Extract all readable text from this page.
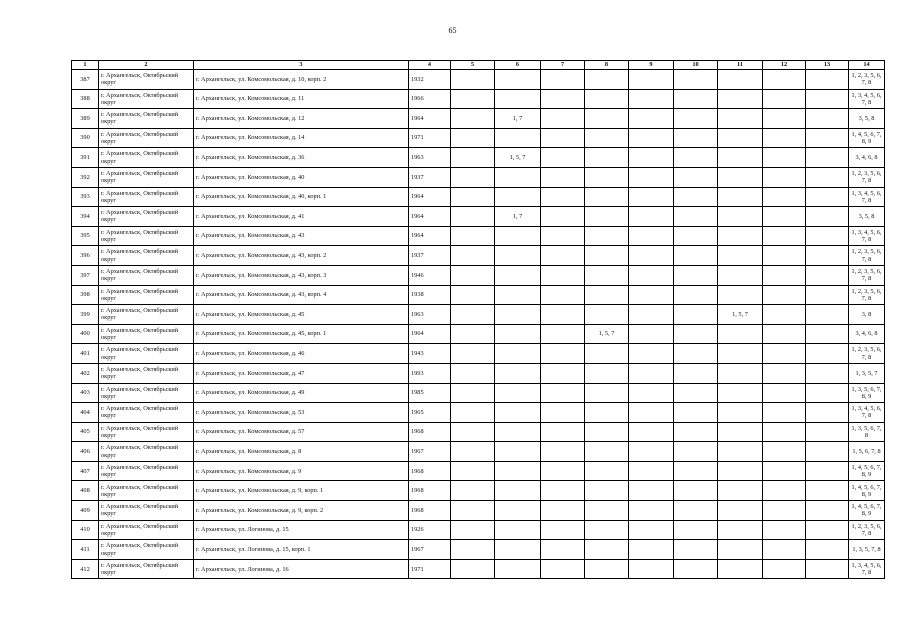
65
1	2	3	4	5	6	7	8	9	10	11	12	13	14
387	г. Архангельск, Октябрьский округ	г. Архангельск, ул. Комсомольская, д. 10, корп. 2	1932										1, 2, 3, 5, 6, 7, 8
388	г. Архангельск, Октябрьский округ	г. Архангельск, ул. Комсомольская, д. 11	1966										1, 3, 4, 5, 6, 7, 8
389	г. Архангельск, Октябрьский округ	г. Архангельск, ул. Комсомольская, д. 12	1964		1, 7								3, 5, 8
390	г. Архангельск, Октябрьский округ	г. Архангельск, ул. Комсомольская, д. 14	1971										1, 4, 5, 6, 7, 8, 9
391	г. Архангельск, Октябрьский округ	г. Архангельск, ул. Комсомольская, д. 36	1963		1, 5, 7								3, 4, 6, 8
392	г. Архангельск, Октябрьский округ	г. Архангельск, ул. Комсомольская, д. 40	1937										1, 2, 3, 5, 6, 7, 8
393	г. Архангельск, Октябрьский округ	г. Архангельск, ул. Комсомольская, д. 40, корп. 1	1964										1, 3, 4, 5, 6, 7, 8
394	г. Архангельск, Октябрьский округ	г. Архангельск, ул. Комсомольская, д. 41	1964		1, 7								3, 5, 8
395	г. Архангельск, Октябрьский округ	г. Архангельск, ул. Комсомольская, д. 43	1964										1, 3, 4, 5, 6, 7, 8
396	г. Архангельск, Октябрьский округ	г. Архангельск, ул. Комсомольская, д. 43, корп. 2	1937										1, 2, 3, 5, 6, 7, 8
397	г. Архангельск, Октябрьский округ	г. Архангельск, ул. Комсомольская, д. 43, корп. 3	1946										1, 2, 3, 5, 6, 7, 8
398	г. Архангельск, Октябрьский округ	г. Архангельск, ул. Комсомольская, д. 43, корп. 4	1938										1, 2, 3, 5, 6, 7, 8
399	г. Архангельск, Октябрьский округ	г. Архангельск, ул. Комсомольская, д. 45	1963							1, 5, 7			3, 8
400	г. Архангельск, Октябрьский округ	г. Архангельск, ул. Комсомольская, д. 45, корп. 1	1964				1, 5, 7						3, 4, 6, 8
401	г. Архангельск, Октябрьский округ	г. Архангельск, ул. Комсомольская, д. 46	1943										1, 2, 3, 5, 6, 7, 8
402	г. Архангельск, Октябрьский округ	г. Архангельск, ул. Комсомольская, д. 47	1993										1, 3, 5, 7
403	г. Архангельск, Октябрьский округ	г. Архангельск, ул. Комсомольская, д. 49	1985										1, 3, 5, 6, 7, 8, 9
404	г. Архангельск, Октябрьский округ	г. Архангельск, ул. Комсомольская, д. 53	1965										1, 3, 4, 5, 6, 7, 8
405	г. Архангельск, Октябрьский округ	г. Архангельск, ул. Комсомольская, д. 57	1968										1, 3, 5, 6, 7, 8
406	г. Архангельск, Октябрьский округ	г. Архангельск, ул. Комсомольская, д. 8	1967										1, 5, 6, 7, 8
407	г. Архангельск, Октябрьский округ	г. Архангельск, ул. Комсомольская, д. 9	1968										1, 4, 5, 6, 7, 8, 9
408	г. Архангельск, Октябрьский округ	г. Архангельск, ул. Комсомольская, д. 9, корп. 1	1968										1, 4, 5, 6, 7, 8, 9
409	г. Архангельск, Октябрьский округ	г. Архангельск, ул. Комсомольская, д. 9, корп. 2	1968										1, 4, 5, 6, 7, 8, 9
410	г. Архангельск, Октябрьский округ	г. Архангельск, ул. Логинова, д. 15	1926										1, 2, 3, 5, 6, 7, 8
411	г. Архангельск, Октябрьский округ	г. Архангельск, ул. Логинова, д. 15, корп. 1	1967										1, 3, 5, 7, 8
412	г. Архангельск, Октябрьский округ	г. Архангельск, ул. Логинова, д. 16	1971										1, 3, 4, 5, 6, 7, 8
